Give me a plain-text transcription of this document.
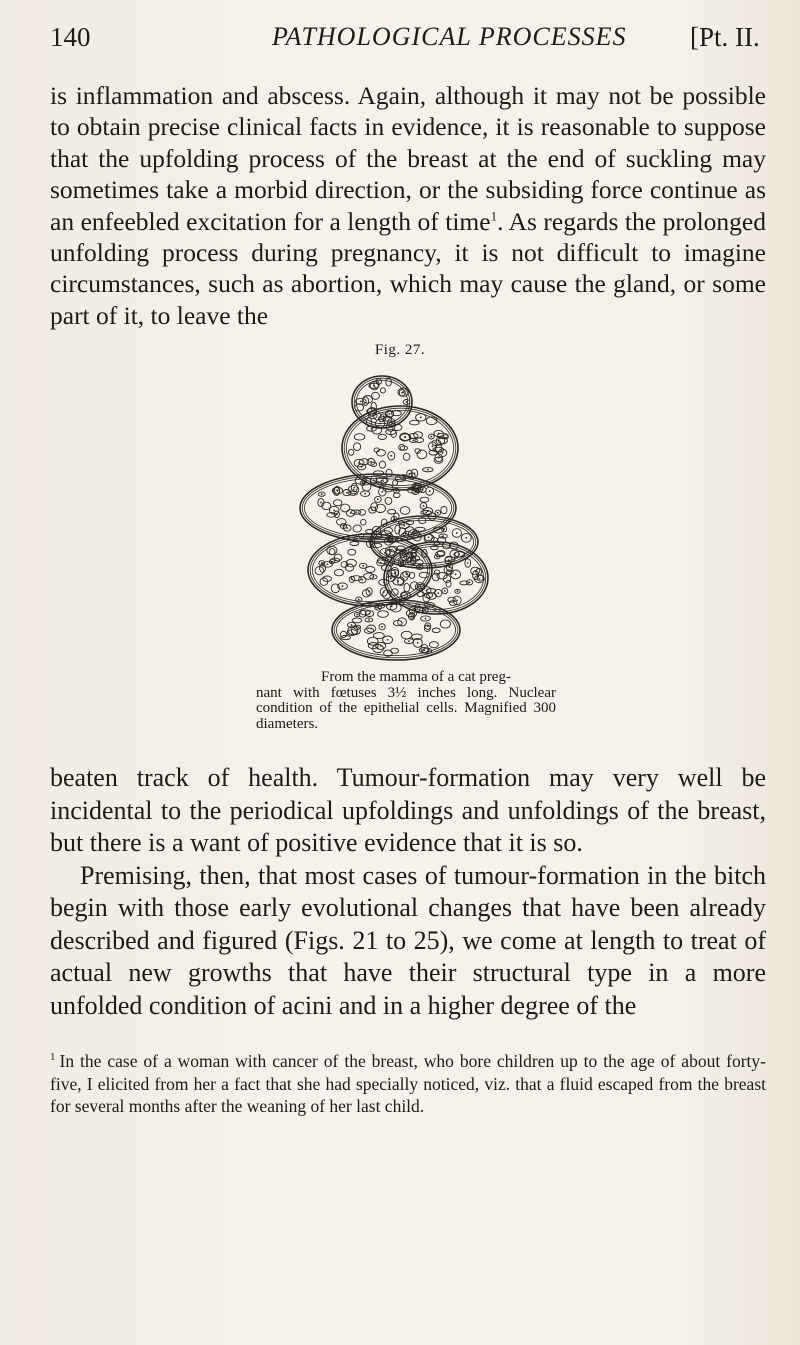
140	PATHOLOGICAL PROCESSES [Pt. II.

is inflammation and abscess. Again, although it may not be possible to obtain precise clinical facts in evidence, it is reasonable to suppose that the upfolding process of the breast at the end of suckling may sometimes take a morbid direction, or the subsiding force continue as an enfeebled excitation for a length of time$^1$. As regards the prolonged unfolding process during pregnancy, it is not difficult to imagine circumstances, such as abortion, which may cause the gland, or some part of it, to leave the

Fig. 27.

From the mamma of a cat preg-
nant with fœtuses 3½ inches long. Nuclear condition of the epithelial cells. Magnified 300 diameters.

beaten track of health. Tumour-formation may very well be incidental to the periodical upfoldings and unfoldings of the breast, but there is a want of positive evidence that it is so.

Premising, then, that most cases of tumour-formation in the bitch begin with those early evolutional changes that have been already described and figured (Figs. 21 to 25), we come at length to treat of actual new growths that have their structural type in a more unfolded condition of acini and in a higher degree of the

$^1$ In the case of a woman with cancer of the breast, who bore children up to the age of about forty-five, I elicited from her a fact that she had specially noticed, viz. that a fluid escaped from the breast for several months after the weaning of her last child.
